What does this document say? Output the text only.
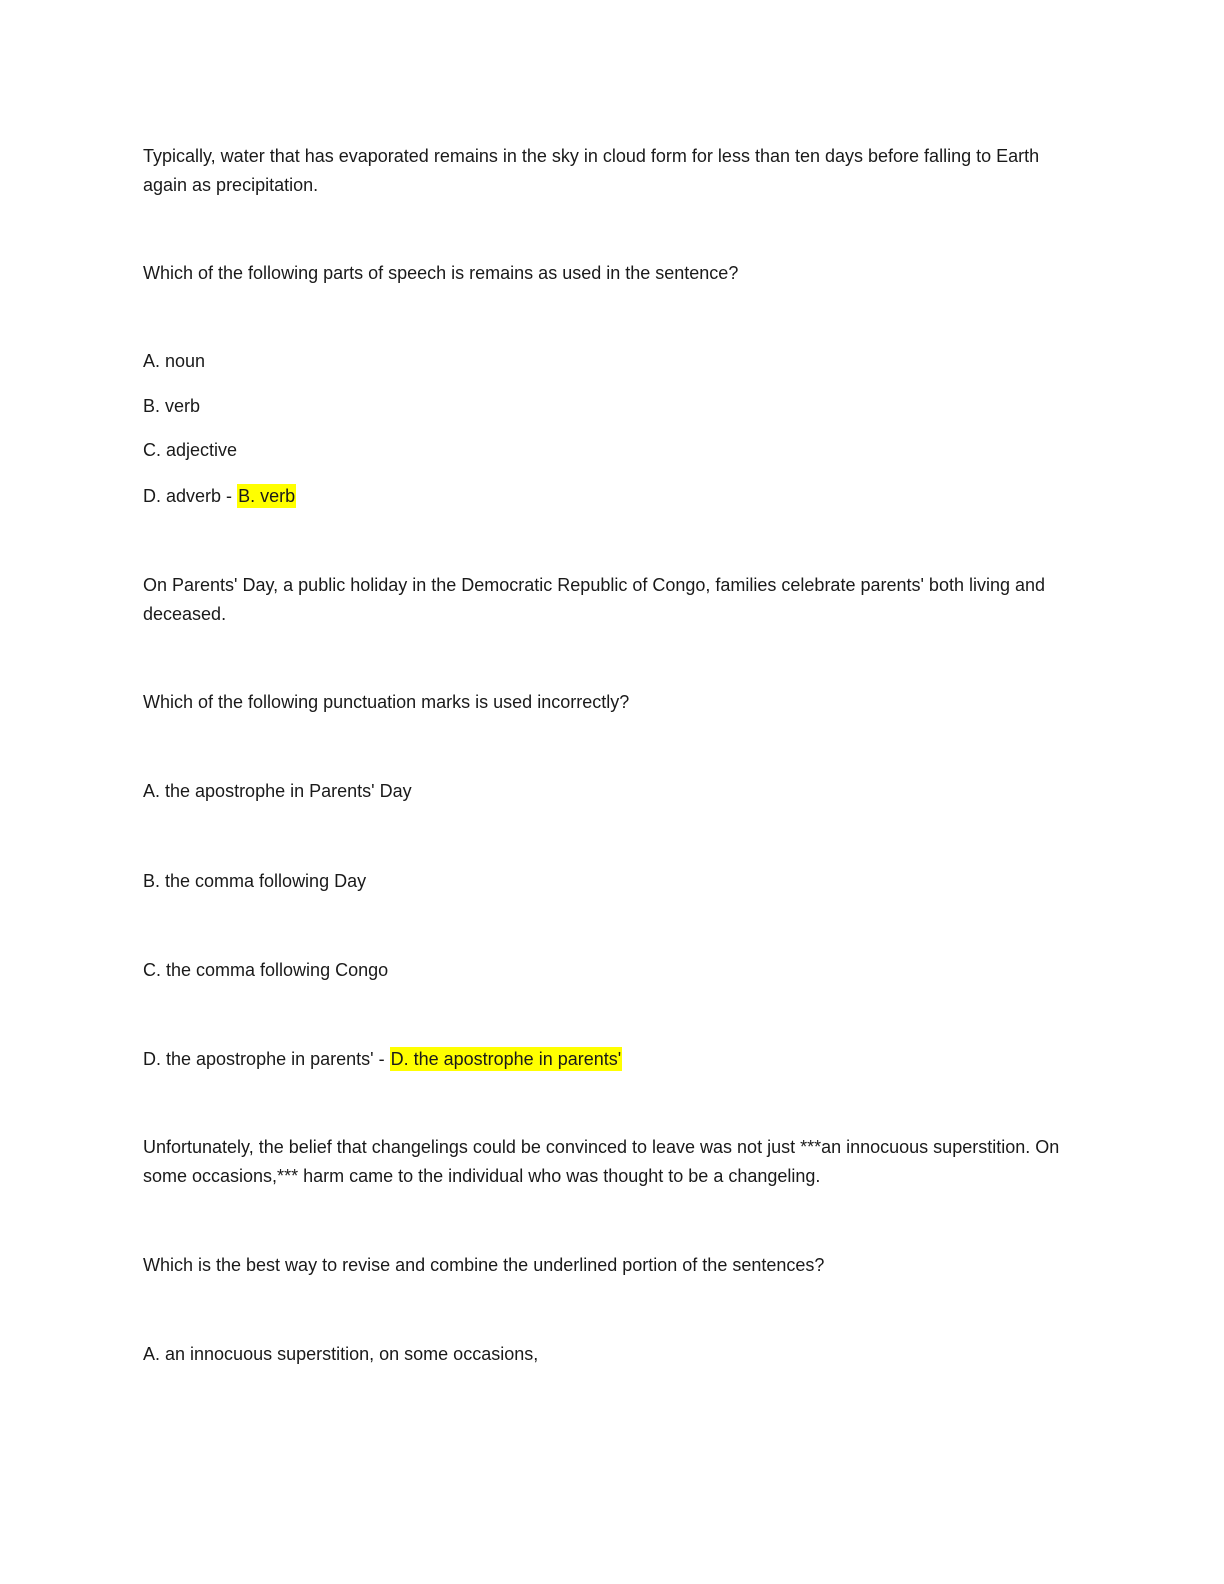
Typically, water that has evaporated remains in the sky in cloud form for less than ten days before falling to Earth again as precipitation.
Which of the following parts of speech is remains as used in the sentence?
A. noun
B. verb
C. adjective
D. adverb - B. verb
On Parents' Day, a public holiday in the Democratic Republic of Congo, families celebrate parents' both living and deceased.
Which of the following punctuation marks is used incorrectly?
A. the apostrophe in Parents' Day
B. the comma following Day
C. the comma following Congo
D. the apostrophe in parents' - D. the apostrophe in parents'
Unfortunately, the belief that changelings could be convinced to leave was not just ***an innocuous superstition. On some occasions,*** harm came to the individual who was thought to be a changeling.
Which is the best way to revise and combine the underlined portion of the sentences?
A. an innocuous superstition, on some occasions,
